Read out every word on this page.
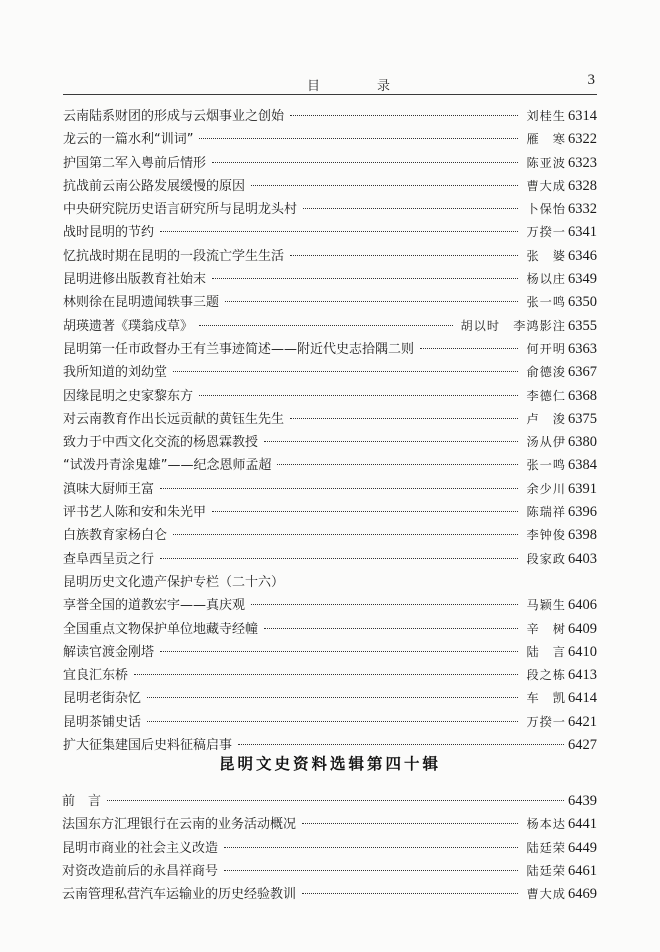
目　录	3
云南陆系财团的形成与云烟事业之创始	刘桂生 6314
龙云的一篇水利“训词”	雁　寒 6322
护国第二军入粤前后情形	陈亚波 6323
抗战前云南公路发展缓慢的原因	曹大成 6328
中央研究院历史语言研究所与昆明龙头村	卜保怡 6332
战时昆明的节约	万揆一 6341
忆抗战时期在昆明的一段流亡学生生活	张　婆 6346
昆明进修出版教育社始末	杨以庄 6349
林则徐在昆明遗闻轶事三题	张一鸣 6350
胡瑛遗著《璞翁戍草》	胡以时　李鸿影注 6355
昆明第一任市政督办王有兰事迹简述——附近代史志拾隅二则	何开明 6363
我所知道的刘幼堂	俞德浚 6367
因缘昆明之史家黎东方	李德仁 6368
对云南教育作出长远贡献的黄钰生先生	卢　浚 6375
致力于中西文化交流的杨恩霖教授	汤从伊 6380
“试泼丹青涂鬼雄”——纪念恩师孟超	张一鸣 6384
滇味大厨师王富	余少川 6391
评书艺人陈和安和朱光甲	陈瑞祥 6396
白族教育家杨白仑	李钟俊 6398
查阜西呈贡之行	段家政 6403
昆明历史文化遗产保护专栏（二十六）
享誉全国的道教宏宇——真庆观	马颖生 6406
全国重点文物保护单位地藏寺经幢	辛　树 6409
解读官渡金刚塔	陆　言 6410
宜良汇东桥	段之栋 6413
昆明老街杂忆	车　凯 6414
昆明茶铺史话	万揆一 6421
扩大征集建国后史料征稿启事	6427
昆明文史资料选辑第四十辑
前　言	6439
法国东方汇理银行在云南的业务活动概况	杨本达 6441
昆明市商业的社会主义改造	陆廷荣 6449
对资改造前后的永昌祥商号	陆廷荣 6461
云南管理私营汽车运输业的历史经验教训	曹大成 6469
